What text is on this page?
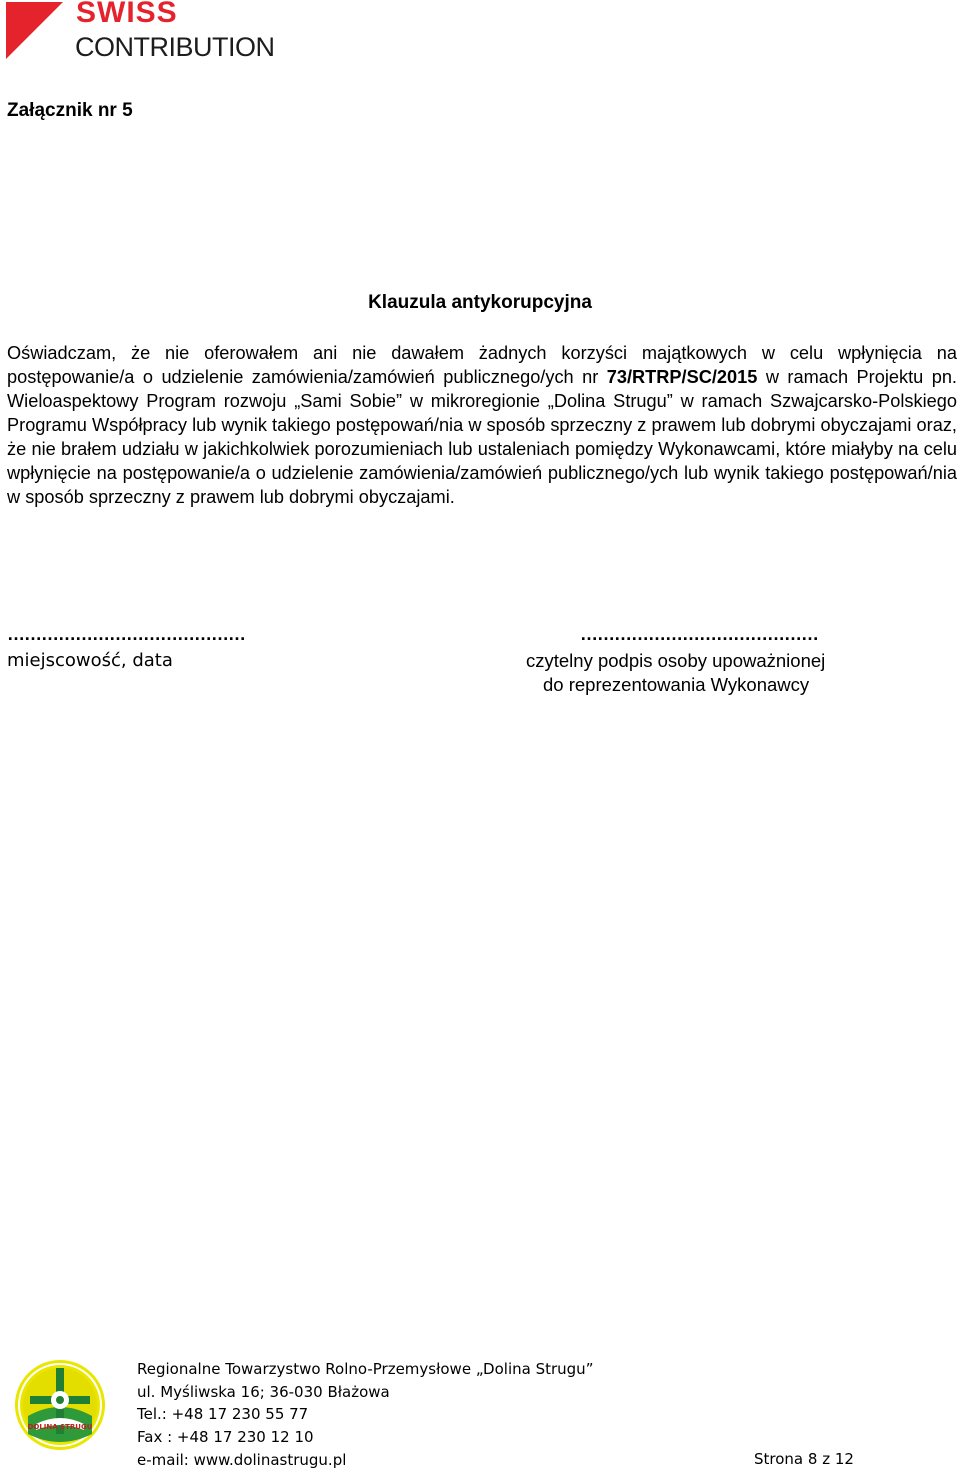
SWISS
CONTRIBUTION
Załącznik nr 5
Klauzula antykorupcyjna
Oświadczam, że nie oferowałem ani nie dawałem żadnych korzyści majątkowych w celu wpłynięcia na postępowanie/a o udzielenie zamówienia/zamówień publicznego/ych nr 73/RTRP/SC/2015 w ramach Projektu pn. Wieloaspektowy Program rozwoju „Sami Sobie” w mikroregionie „Dolina Strugu” w ramach Szwajcarsko-Polskiego Programu Współpracy lub wynik takiego postępowań/nia w sposób sprzeczny z prawem lub dobrymi obyczajami oraz, że nie brałem udziału w jakichkolwiek porozumieniach lub ustaleniach pomiędzy Wykonawcami, które miałyby na celu wpłynięcie na postępowanie/a o udzielenie zamówienia/zamówień publicznego/ych lub wynik takiego postępowań/nia w sposób sprzeczny z prawem lub dobrymi obyczajami.
……………………………………	……………………………………
miejscowość, data	czytelny podpis osoby upoważnionej
do reprezentowania Wykonawcy
DOLINA STRUGU
Regionalne Towarzystwo Rolno-Przemysłowe „Dolina Strugu”
ul. Myśliwska 16; 36-030 Błażowa
Tel.: +48 17 230 55 77
Fax : +48 17 230 12 10
e-mail: www.dolinastrugu.pl	Strona 8 z 12
